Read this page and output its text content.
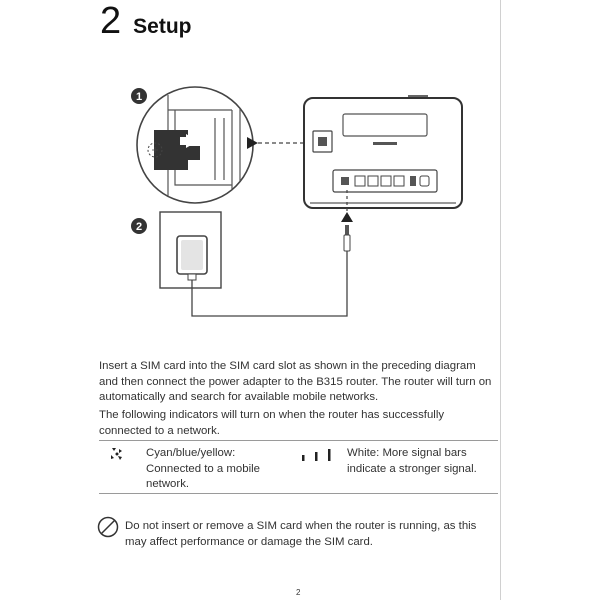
2 Setup
1
2

Insert a SIM card into the SIM card slot as shown in the preceding diagram and then connect the power adapter to the B315 router. The router will turn on automatically and search for available mobile networks.

The following indicators will turn on when the router has successfully connected to a network.

Cyan/blue/yellow: Connected to a mobile network.
White: More signal bars indicate a stronger signal.
Do not insert or remove a SIM card when the router is running, as this may affect performance or damage the SIM card.
2
